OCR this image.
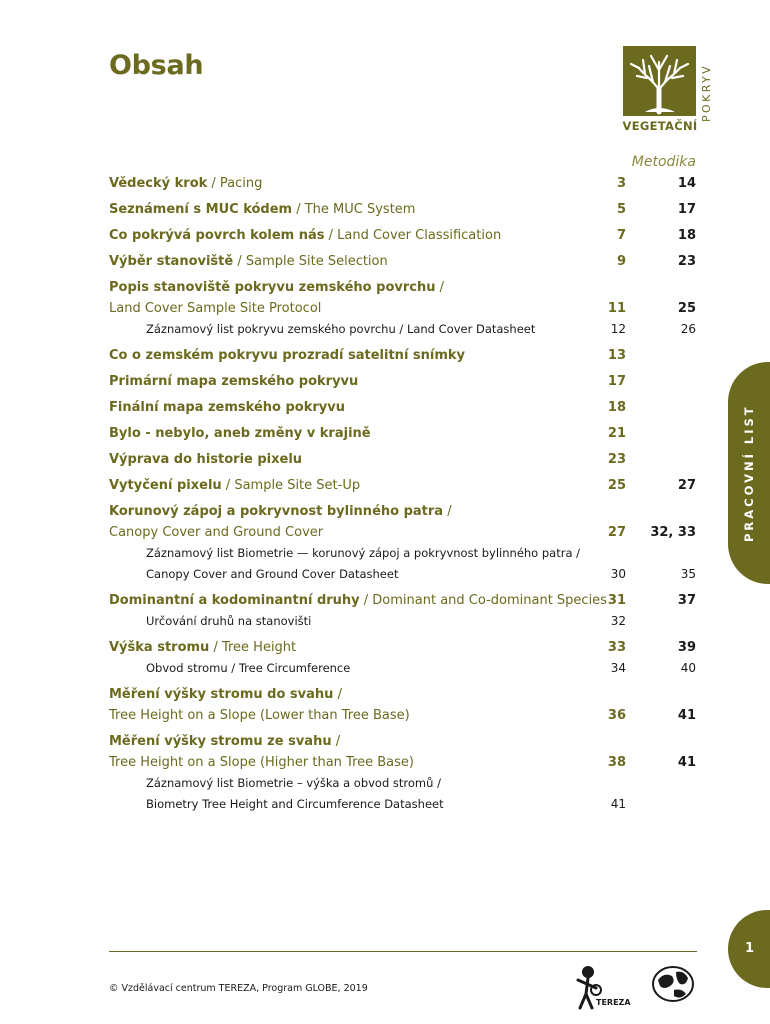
Obsah	POKRYV
VEGETAČNÍ
Metodika
Vědecký krok / Pacing	3	14
Seznámení s MUC kódem / The MUC System	5	17
Co pokrývá povrch kolem nás / Land Cover Classification	7	18
Výběr stanoviště / Sample Site Selection	9	23
Popis stanoviště pokryvu zemského povrchu /
Land Cover Sample Site Protocol	11	25
Záznamový list pokryvu zemského povrchu / Land Cover Datasheet	12	26
Co o zemském pokryvu prozradí satelitní snímky	13
Primární mapa zemského pokryvu	17
Finální mapa zemského pokryvu	18
Bylo - nebylo, aneb změny v krajině	21
Výprava do historie pixelu	23
Vytyčení pixelu / Sample Site Set-Up	25	27
Korunový zápoj a pokryvnost bylinného patra /
Canopy Cover and Ground Cover	27	32, 33
Záznamový list Biometrie — korunový zápoj a pokryvnost bylinného patra /
Canopy Cover and Ground Cover Datasheet	30	35
Dominantní a kodominantní druhy / Dominant and Co-dominant Species 31	37
Určování druhů na stanovišti	32
Výška stromu / Tree Height	33	39
Obvod stromu / Tree Circumference	34	40
Měření výšky stromu do svahu /
Tree Height on a Slope (Lower than Tree Base)	36	41
Měření výšky stromu ze svahu /
Tree Height on a Slope (Higher than Tree Base)	38	41
Záznamový list Biometrie – výška a obvod stromů /
Biometry Tree Height and Circumference Datasheet	41
PRACOVNÍ LIST
1
© Vzdělávací centrum TEREZA, Program GLOBE, 2019
TEREZA
